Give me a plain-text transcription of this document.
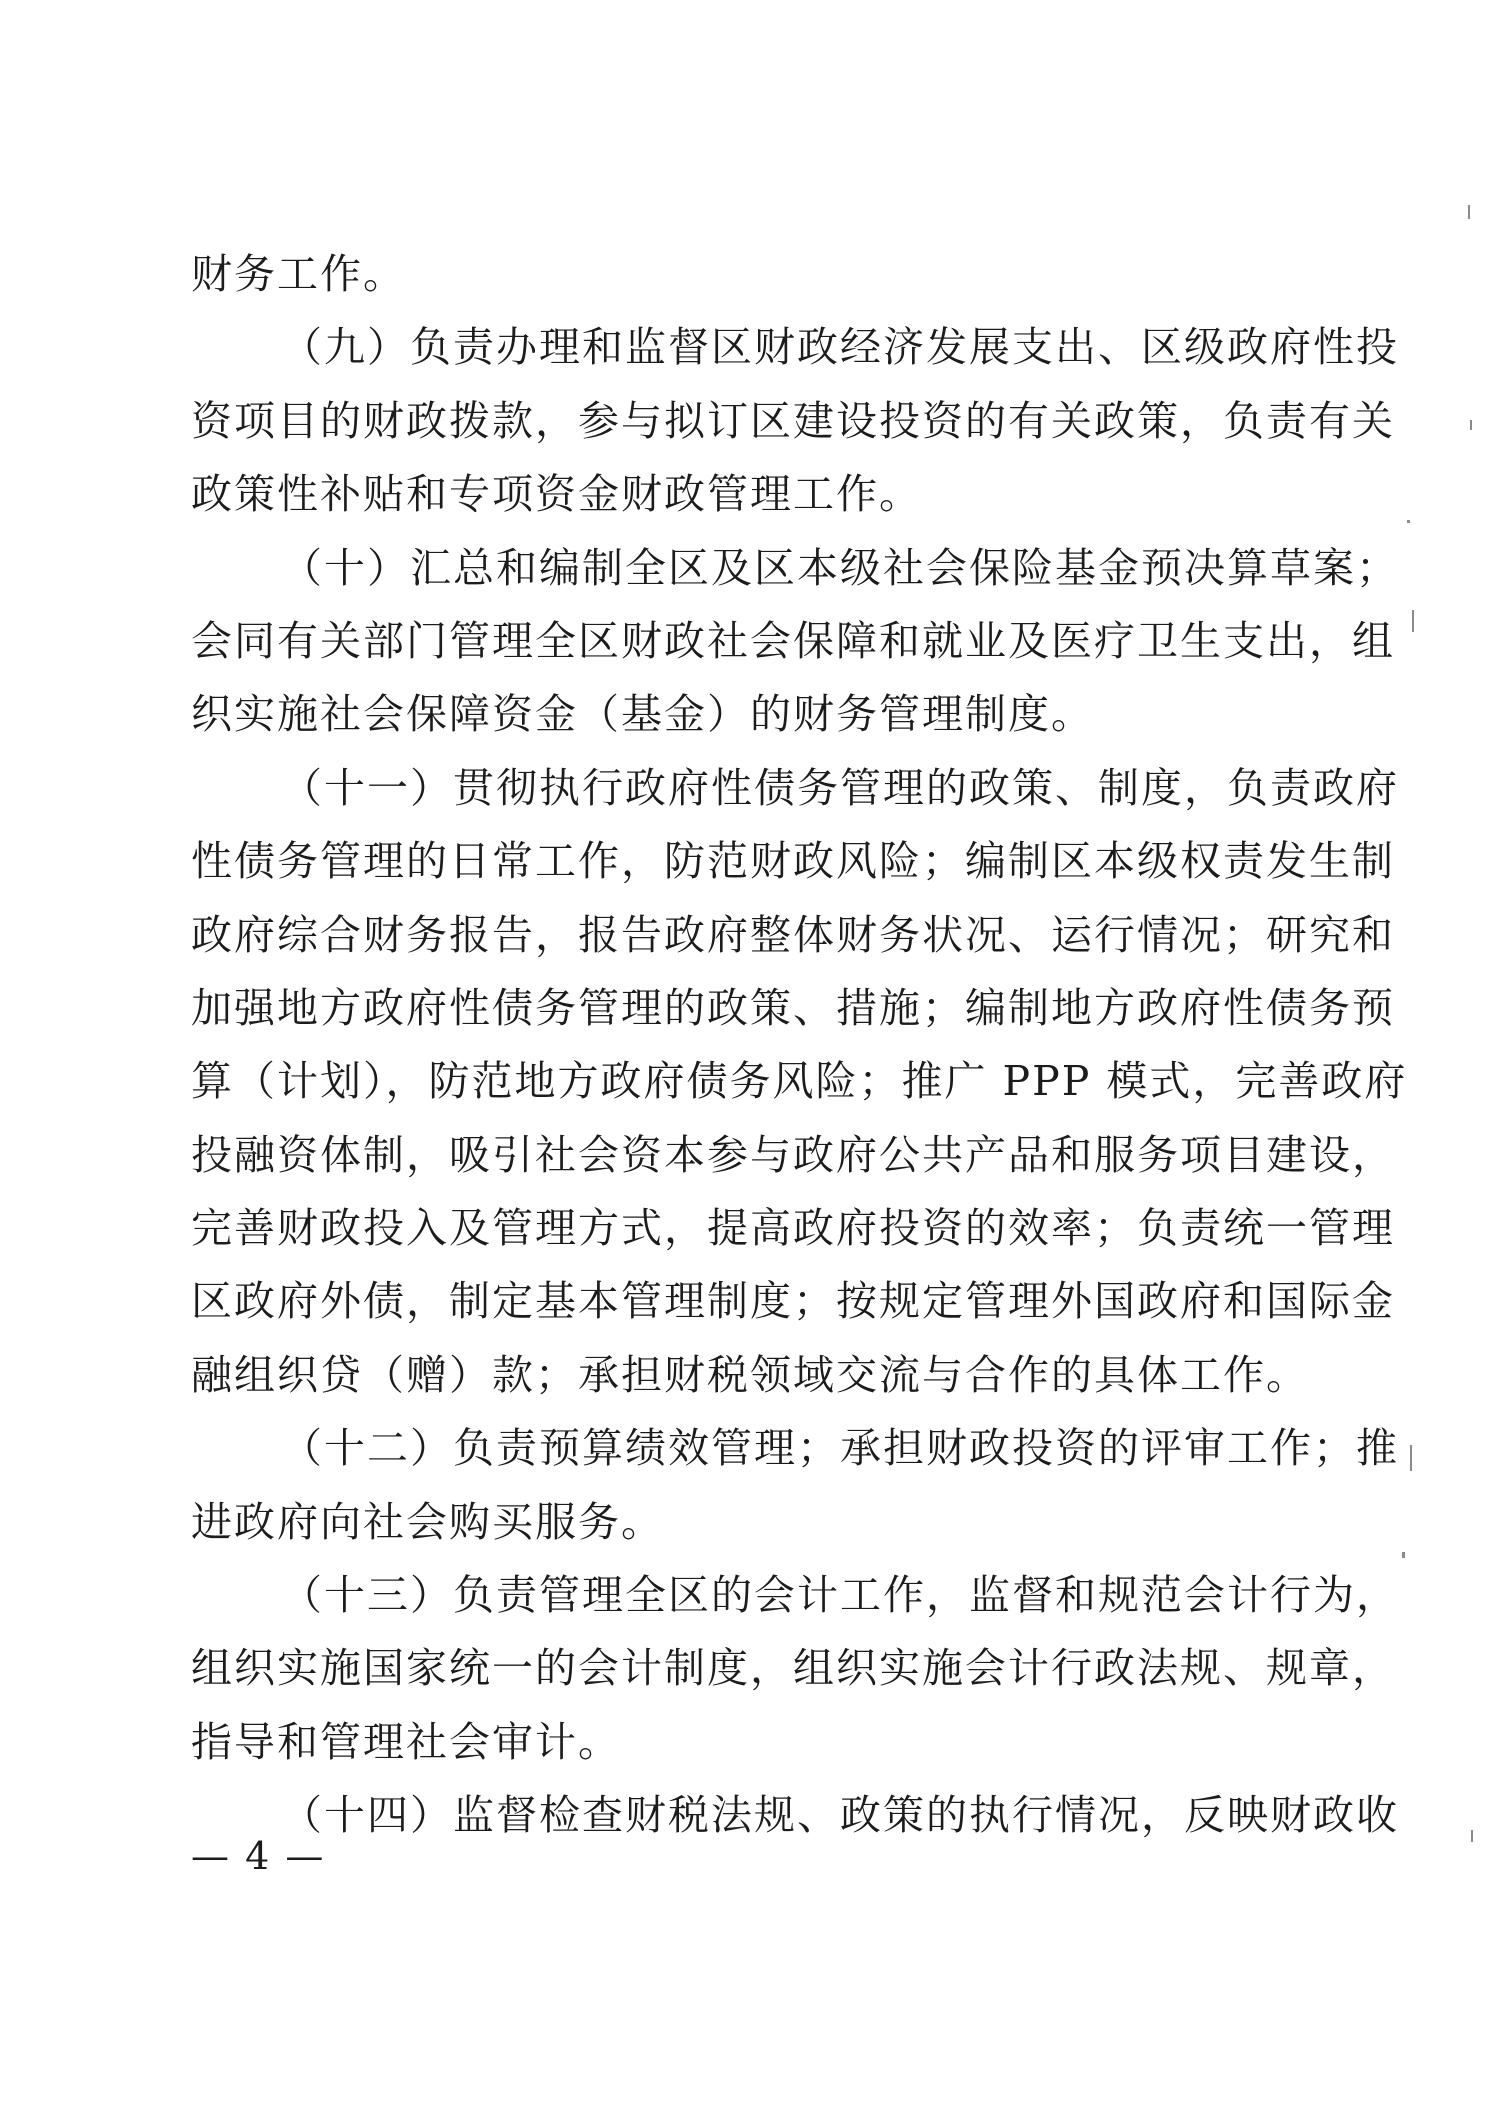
财务工作。
（九）负责办理和监督区财政经济发展支出、区级政府性投
资项目的财政拨款，参与拟订区建设投资的有关政策，负责有关
政策性补贴和专项资金财政管理工作。
（十）汇总和编制全区及区本级社会保险基金预决算草案；
会同有关部门管理全区财政社会保障和就业及医疗卫生支出，组
织实施社会保障资金（基金）的财务管理制度。
（十一）贯彻执行政府性债务管理的政策、制度，负责政府
性债务管理的日常工作，防范财政风险；编制区本级权责发生制
政府综合财务报告，报告政府整体财务状况、运行情况；研究和
加强地方政府性债务管理的政策、措施；编制地方政府性债务预
算（计划），防范地方政府债务风险；推广 PPP 模式，完善政府
投融资体制，吸引社会资本参与政府公共产品和服务项目建设，
完善财政投入及管理方式，提高政府投资的效率；负责统一管理
区政府外债，制定基本管理制度；按规定管理外国政府和国际金
融组织贷（赠）款；承担财税领域交流与合作的具体工作。
（十二）负责预算绩效管理；承担财政投资的评审工作；推
进政府向社会购买服务。
（十三）负责管理全区的会计工作，监督和规范会计行为，
组织实施国家统一的会计制度，组织实施会计行政法规、规章，
指导和管理社会审计。
（十四）监督检查财税法规、政策的执行情况，反映财政收
— 4 —
